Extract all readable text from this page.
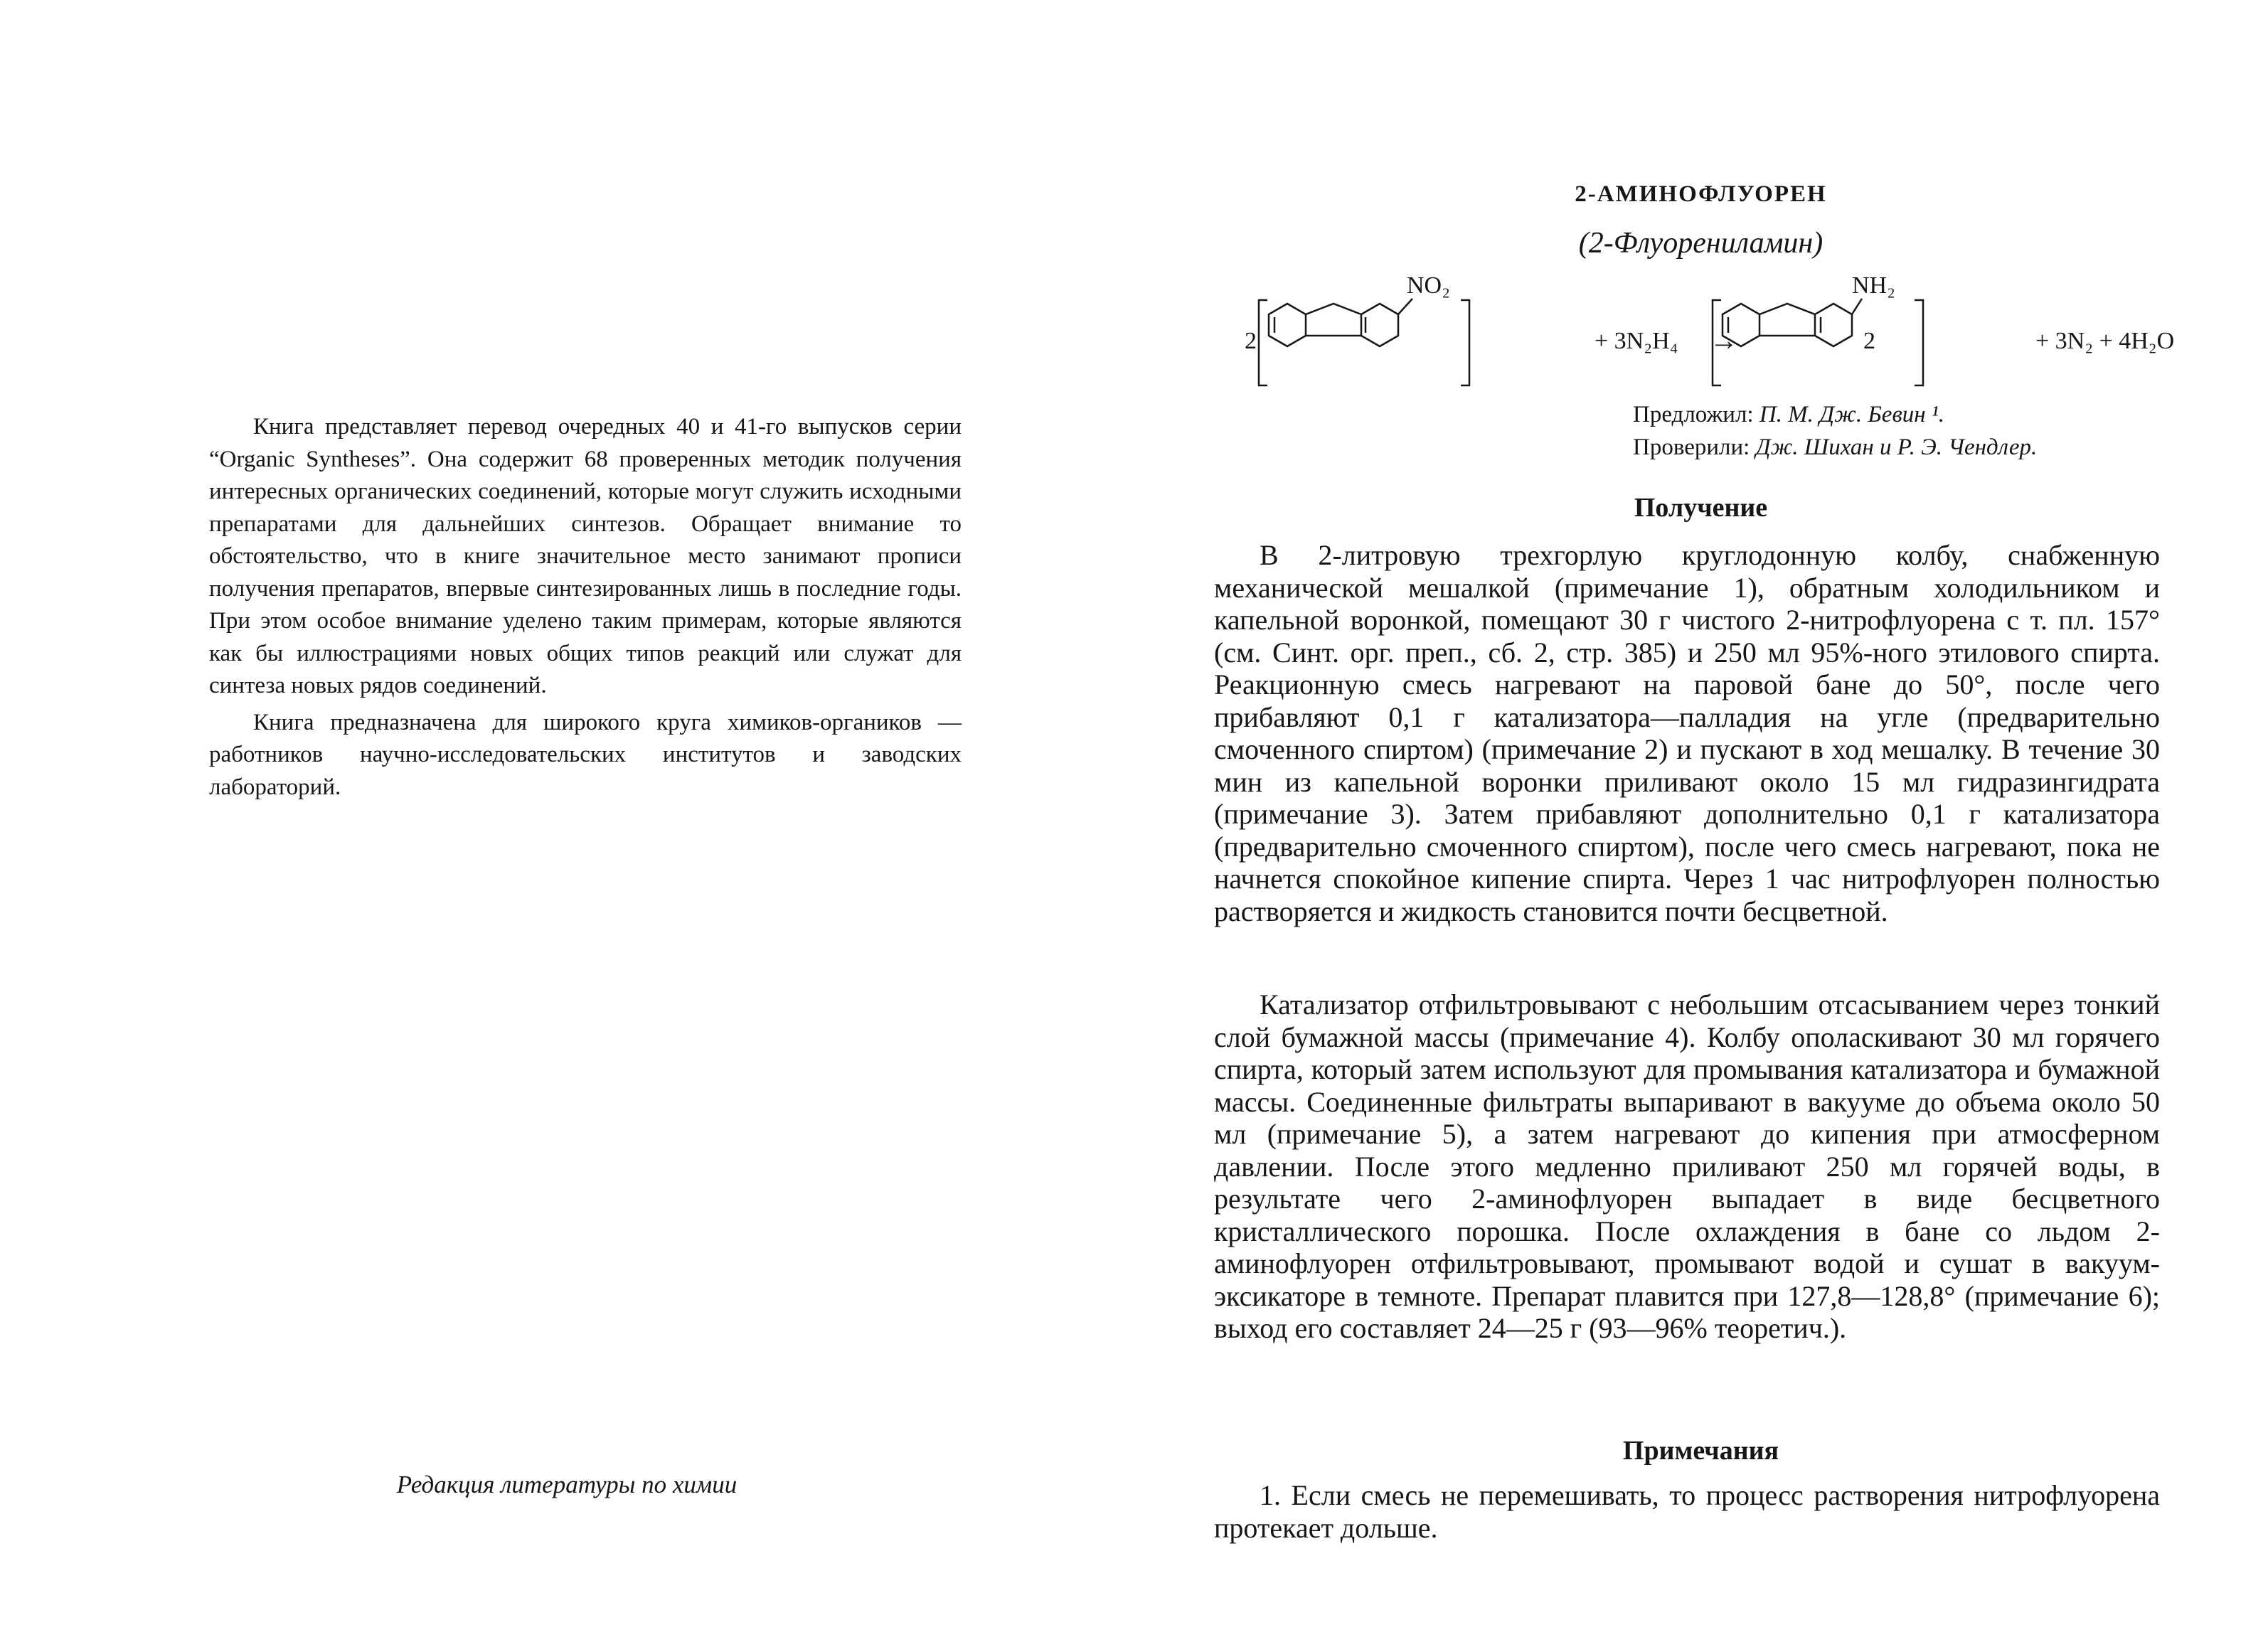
Книга представляет перевод очередных 40 и 41-го выпусков серии “Organic Syntheses”. Она содержит 68 проверенных методик получения интересных органических соединений, которые могут служить исходными препаратами для дальнейших синтезов. Обращает внимание то обстоятельство, что в книге значительное место занимают прописи получения препаратов, впервые синтезированных лишь в последние годы. При этом особое внимание уделено таким примерам, которые являются как бы иллюстрациями новых общих типов реакций или служат для синтеза новых рядов соединений.

Книга предназначена для широкого круга химиков-органиков — работников научно-исследовательских институтов и заводских лабораторий.

Редакция литературы по химии
2-АМИНОФЛУОРЕН
(2-Флуорениламин)
2	2
NO₂	NH₂
+ 3N₂H₄	+ 3N₂ + 4H₂O
→
Предложил: П. М. Дж. Бевин ¹.
Проверили: Дж. Шихан и Р. Э. Чендлер.
Получение

В 2-литровую трехгорлую круглодонную колбу, снабженную механической мешалкой (примечание 1), обратным холодильником и капельной воронкой, помещают 30 г чистого 2-нитрофлуорена с т. пл. 157° (см. Синт. орг. преп., сб. 2, стр. 385) и 250 мл 95%-ного этилового спирта. Реакционную смесь нагревают на паровой бане до 50°, после чего прибавляют 0,1 г катализатора—палладия на угле (предварительно смоченного спиртом) (примечание 2) и пускают в ход мешалку. В течение 30 мин из капельной воронки приливают около 15 мл гидразингидрата (примечание 3). Затем прибавляют дополнительно 0,1 г катализатора (предварительно смоченного спиртом), после чего смесь нагревают, пока не начнется спокойное кипение спирта. Через 1 час нитрофлуорен полностью растворяется и жидкость становится почти бесцветной.

Катализатор отфильтровывают с небольшим отсасыванием через тонкий слой бумажной массы (примечание 4). Колбу ополаскивают 30 мл горячего спирта, который затем используют для промывания катализатора и бумажной массы. Соединенные фильтраты выпаривают в вакууме до объема около 50 мл (примечание 5), а затем нагревают до кипения при атмосферном давлении. После этого медленно приливают 250 мл горячей воды, в результате чего 2-аминофлуорен выпадает в виде бесцветного кристаллического порошка. После охлаждения в бане со льдом 2-аминофлуорен отфильтровывают, промывают водой и сушат в вакуум-эксикаторе в темноте. Препарат плавится при 127,8—128,8° (примечание 6); выход его составляет 24—25 г (93—96% теоретич.).

Примечания

1. Если смесь не перемешивать, то процесс растворения нитрофлуорена протекает дольше.
